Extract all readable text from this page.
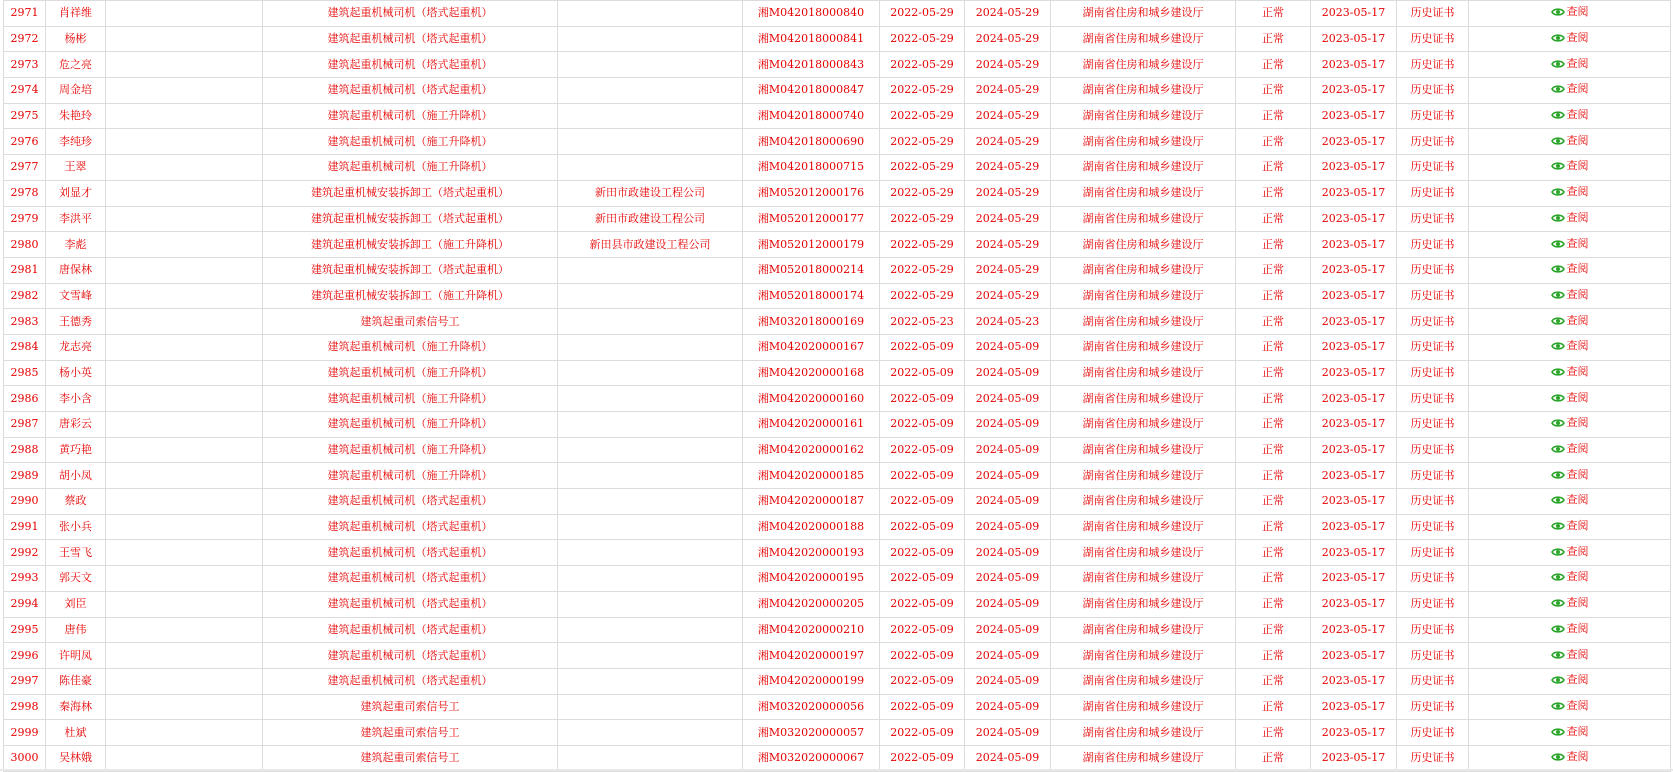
2971	肖祥维		建筑起重机械司机（塔式起重机）		湘M042018000840	2022-05-29	2024-05-29	湖南省住房和城乡建设厅	正常	2023-05-17	历史证书	查阅

2972	杨彬		建筑起重机械司机（塔式起重机）		湘M042018000841	2022-05-29	2024-05-29	湖南省住房和城乡建设厅	正常	2023-05-17	历史证书	查阅

2973	危之亮		建筑起重机械司机（塔式起重机）		湘M042018000843	2022-05-29	2024-05-29	湖南省住房和城乡建设厅	正常	2023-05-17	历史证书	查阅

2974	周金培		建筑起重机械司机（塔式起重机）		湘M042018000847	2022-05-29	2024-05-29	湖南省住房和城乡建设厅	正常	2023-05-17	历史证书	查阅

2975	朱艳玲		建筑起重机械司机（施工升降机）		湘M042018000740	2022-05-29	2024-05-29	湖南省住房和城乡建设厅	正常	2023-05-17	历史证书	查阅

2976	李纯珍		建筑起重机械司机（施工升降机）		湘M042018000690	2022-05-29	2024-05-29	湖南省住房和城乡建设厅	正常	2023-05-17	历史证书	查阅

2977	王翠		建筑起重机械司机（施工升降机）		湘M042018000715	2022-05-29	2024-05-29	湖南省住房和城乡建设厅	正常	2023-05-17	历史证书	查阅

2978	刘显才		建筑起重机械安装拆卸工（塔式起重机）	新田市政建设工程公司	湘M052012000176	2022-05-29	2024-05-29	湖南省住房和城乡建设厅	正常	2023-05-17	历史证书	查阅

2979	李洪平		建筑起重机械安装拆卸工（塔式起重机）	新田市政建设工程公司	湘M052012000177	2022-05-29	2024-05-29	湖南省住房和城乡建设厅	正常	2023-05-17	历史证书	查阅

2980	李彪		建筑起重机械安装拆卸工（施工升降机）	新田县市政建设工程公司	湘M052012000179	2022-05-29	2024-05-29	湖南省住房和城乡建设厅	正常	2023-05-17	历史证书	查阅

2981	唐保林		建筑起重机械安装拆卸工（塔式起重机）		湘M052018000214	2022-05-29	2024-05-29	湖南省住房和城乡建设厅	正常	2023-05-17	历史证书	查阅

2982	文雪峰		建筑起重机械安装拆卸工（施工升降机）		湘M052018000174	2022-05-29	2024-05-29	湖南省住房和城乡建设厅	正常	2023-05-17	历史证书	查阅

2983	王德秀		建筑起重司索信号工		湘M032018000169	2022-05-23	2024-05-23	湖南省住房和城乡建设厅	正常	2023-05-17	历史证书	查阅

2984	龙志亮		建筑起重机械司机（施工升降机）		湘M042020000167	2022-05-09	2024-05-09	湖南省住房和城乡建设厅	正常	2023-05-17	历史证书	查阅

2985	杨小英		建筑起重机械司机（施工升降机）		湘M042020000168	2022-05-09	2024-05-09	湖南省住房和城乡建设厅	正常	2023-05-17	历史证书	查阅

2986	李小含		建筑起重机械司机（施工升降机）		湘M042020000160	2022-05-09	2024-05-09	湖南省住房和城乡建设厅	正常	2023-05-17	历史证书	查阅

2987	唐彩云		建筑起重机械司机（施工升降机）		湘M042020000161	2022-05-09	2024-05-09	湖南省住房和城乡建设厅	正常	2023-05-17	历史证书	查阅

2988	黄巧艳		建筑起重机械司机（施工升降机）		湘M042020000162	2022-05-09	2024-05-09	湖南省住房和城乡建设厅	正常	2023-05-17	历史证书	查阅

2989	胡小凤		建筑起重机械司机（施工升降机）		湘M042020000185	2022-05-09	2024-05-09	湖南省住房和城乡建设厅	正常	2023-05-17	历史证书	查阅

2990	蔡政		建筑起重机械司机（塔式起重机）		湘M042020000187	2022-05-09	2024-05-09	湖南省住房和城乡建设厅	正常	2023-05-17	历史证书	查阅

2991	张小兵		建筑起重机械司机（塔式起重机）		湘M042020000188	2022-05-09	2024-05-09	湖南省住房和城乡建设厅	正常	2023-05-17	历史证书	查阅

2992	王雪飞		建筑起重机械司机（塔式起重机）		湘M042020000193	2022-05-09	2024-05-09	湖南省住房和城乡建设厅	正常	2023-05-17	历史证书	查阅

2993	郭天文		建筑起重机械司机（塔式起重机）		湘M042020000195	2022-05-09	2024-05-09	湖南省住房和城乡建设厅	正常	2023-05-17	历史证书	查阅

2994	刘臣		建筑起重机械司机（塔式起重机）		湘M042020000205	2022-05-09	2024-05-09	湖南省住房和城乡建设厅	正常	2023-05-17	历史证书	查阅

2995	唐伟		建筑起重机械司机（塔式起重机）		湘M042020000210	2022-05-09	2024-05-09	湖南省住房和城乡建设厅	正常	2023-05-17	历史证书	查阅

2996	许明凤		建筑起重机械司机（塔式起重机）		湘M042020000197	2022-05-09	2024-05-09	湖南省住房和城乡建设厅	正常	2023-05-17	历史证书	查阅

2997	陈佳豪		建筑起重机械司机（塔式起重机）		湘M042020000199	2022-05-09	2024-05-09	湖南省住房和城乡建设厅	正常	2023-05-17	历史证书	查阅

2998	秦海林		建筑起重司索信号工		湘M032020000056	2022-05-09	2024-05-09	湖南省住房和城乡建设厅	正常	2023-05-17	历史证书	查阅

2999	杜斌		建筑起重司索信号工		湘M032020000057	2022-05-09	2024-05-09	湖南省住房和城乡建设厅	正常	2023-05-17	历史证书	查阅

3000	吴林娥		建筑起重司索信号工		湘M032020000067	2022-05-09	2024-05-09	湖南省住房和城乡建设厅	正常	2023-05-17	历史证书	查阅
